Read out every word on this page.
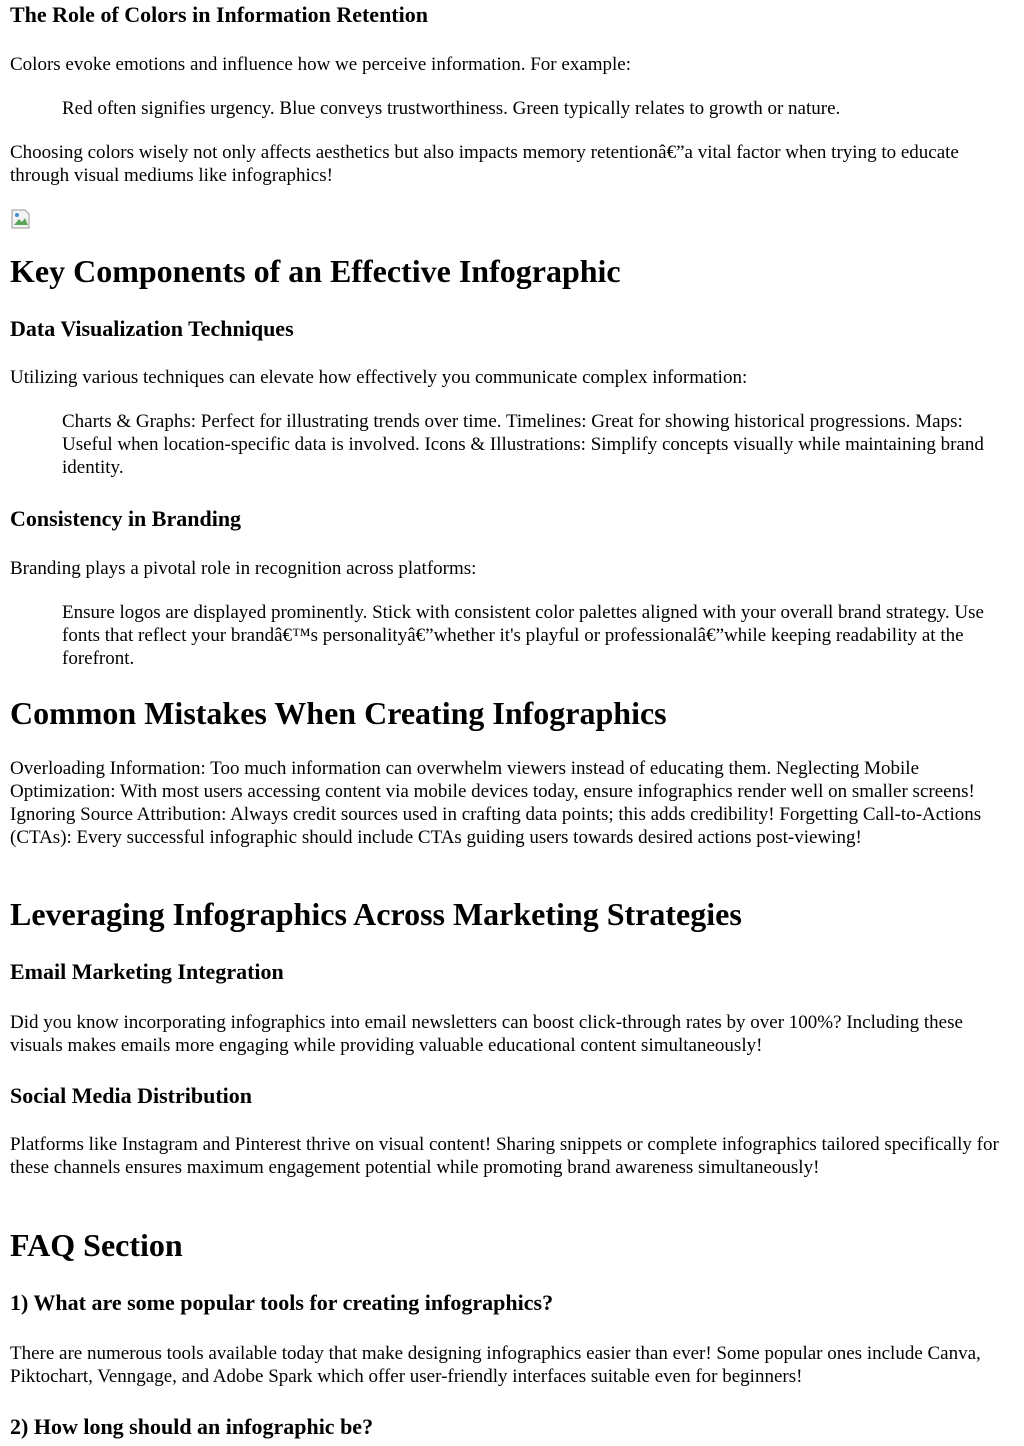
The Role of Colors in Information Retention

Colors evoke emotions and influence how we perceive information. For example:

Red often signifies urgency. Blue conveys trustworthiness. Green typically relates to growth or nature.

Choosing colors wisely not only affects aesthetics but also impacts memory retentionâ€”a vital factor when trying to educate through visual mediums like infographics!

Key Components of an Effective Infographic
Data Visualization Techniques

Utilizing various techniques can elevate how effectively you communicate complex information:

Charts & Graphs: Perfect for illustrating trends over time. Timelines: Great for showing historical progressions. Maps: Useful when location-specific data is involved. Icons & Illustrations: Simplify concepts visually while maintaining brand identity.
Consistency in Branding

Branding plays a pivotal role in recognition across platforms:

Ensure logos are displayed prominently. Stick with consistent color palettes aligned with your overall brand strategy. Use fonts that reflect your brandâ€™s personalityâ€”whether it's playful or professionalâ€”while keeping readability at the forefront.
Common Mistakes When Creating Infographics

Overloading Information: Too much information can overwhelm viewers instead of educating them. Neglecting Mobile Optimization: With most users accessing content via mobile devices today, ensure infographics render well on smaller screens! Ignoring Source Attribution: Always credit sources used in crafting data points; this adds credibility! Forgetting Call-to-Actions (CTAs): Every successful infographic should include CTAs guiding users towards desired actions post-viewing!

Leveraging Infographics Across Marketing Strategies
Email Marketing Integration

Did you know incorporating infographics into email newsletters can boost click-through rates by over 100%? Including these visuals makes emails more engaging while providing valuable educational content simultaneously!

Social Media Distribution

Platforms like Instagram and Pinterest thrive on visual content! Sharing snippets or complete infographics tailored specifically for these channels ensures maximum engagement potential while promoting brand awareness simultaneously!

FAQ Section
1) What are some popular tools for creating infographics?

There are numerous tools available today that make designing infographics easier than ever! Some popular ones include Canva, Piktochart, Venngage, and Adobe Spark which offer user-friendly interfaces suitable even for beginners!

2) How long should an infographic be?
